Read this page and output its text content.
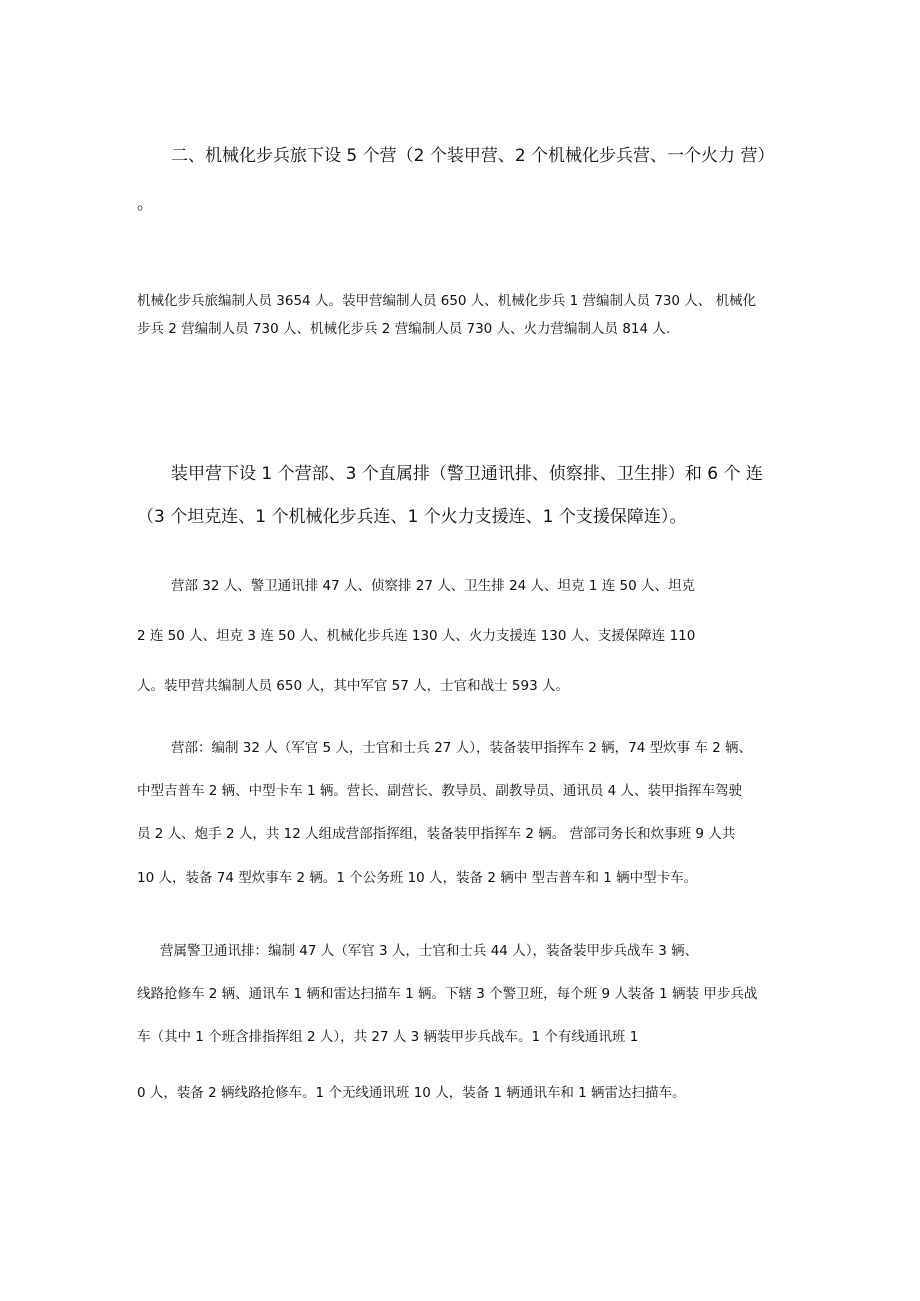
二、机械化步兵旅下设 5 个营（2 个装甲营、2 个机械化步兵营、一个火力 营）
。
机械化步兵旅编制人员 3654 人。装甲营编制人员 650 人、机械化步兵 1 营编制人员 730 人、 机械化
步兵 2 营编制人员 730 人、机械化步兵 2 营编制人员 730 人、火力营编制人员 814 人.
装甲营下设 1 个营部、3 个直属排（警卫通讯排、侦察排、卫生排）和 6 个 连
（3 个坦克连、1 个机械化步兵连、1 个火力支援连、1 个支援保障连）。
营部 32 人、警卫通讯排 47 人、侦察排 27 人、卫生排 24 人、坦克 1 连 50 人、坦克
2 连 50 人、坦克 3 连 50 人、机械化步兵连 130 人、火力支援连 130 人、支援保障连 110
人。装甲营共编制人员 650 人，其中军官 57 人，士官和战士 593 人。
营部：编制 32 人（军官 5 人，士官和士兵 27 人），装备装甲指挥车 2 辆，74 型炊事 车 2 辆、
中型吉普车 2 辆、中型卡车 1 辆。营长、副营长、教导员、副教导员、通讯员 4 人、装甲指挥车驾驶
员 2 人、炮手 2 人，共 12 人组成营部指挥组，装备装甲指挥车 2 辆。 营部司务长和炊事班 9 人共
10 人，装备 74 型炊事车 2 辆。1 个公务班 10 人，装备 2 辆中 型吉普车和 1 辆中型卡车。
营属警卫通讯排：编制 47 人（军官 3 人，士官和士兵 44 人），装备装甲步兵战车 3 辆、
线路抢修车 2 辆、通讯车 1 辆和雷达扫描车 1 辆。下辖 3 个警卫班，每个班 9 人装备 1 辆装 甲步兵战
车（其中 1 个班含排指挥组 2 人），共 27 人 3 辆装甲步兵战车。1 个有线通讯班 1
0 人，装备 2 辆线路抢修车。1 个无线通讯班 10 人，装备 1 辆通讯车和 1 辆雷达扫描车。
